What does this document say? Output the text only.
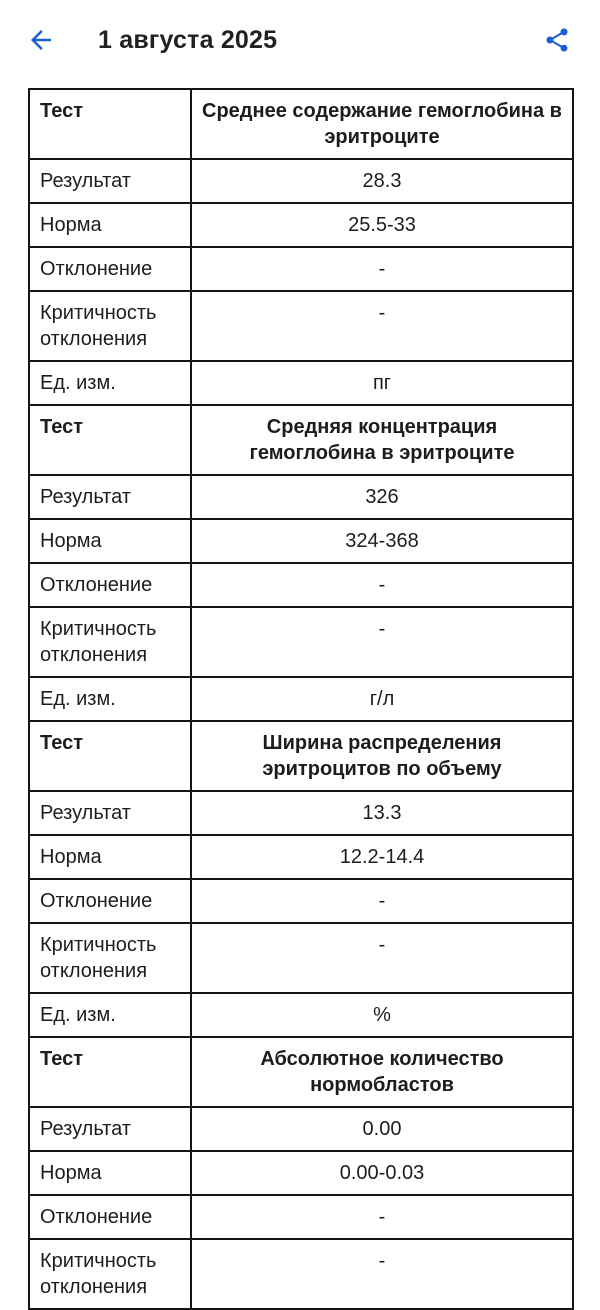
1 августа 2025
Тест	Среднее содержание гемоглобина в эритроците
Результат	28.3
Норма	25.5-33
Отклонение	-
Критичность отклонения	-
Ед. изм.	пг
Тест	Средняя концентрация гемоглобина в эритроците
Результат	326
Норма	324-368
Отклонение	-
Критичность отклонения	-
Ед. изм.	г/л
Тест	Ширина распределения эритроцитов по объему
Результат	13.3
Норма	12.2-14.4
Отклонение	-
Критичность отклонения	-
Ед. изм.	%
Тест	Абсолютное количество нормобластов
Результат	0.00
Норма	0.00-0.03
Отклонение	-
Критичность отклонения	-
